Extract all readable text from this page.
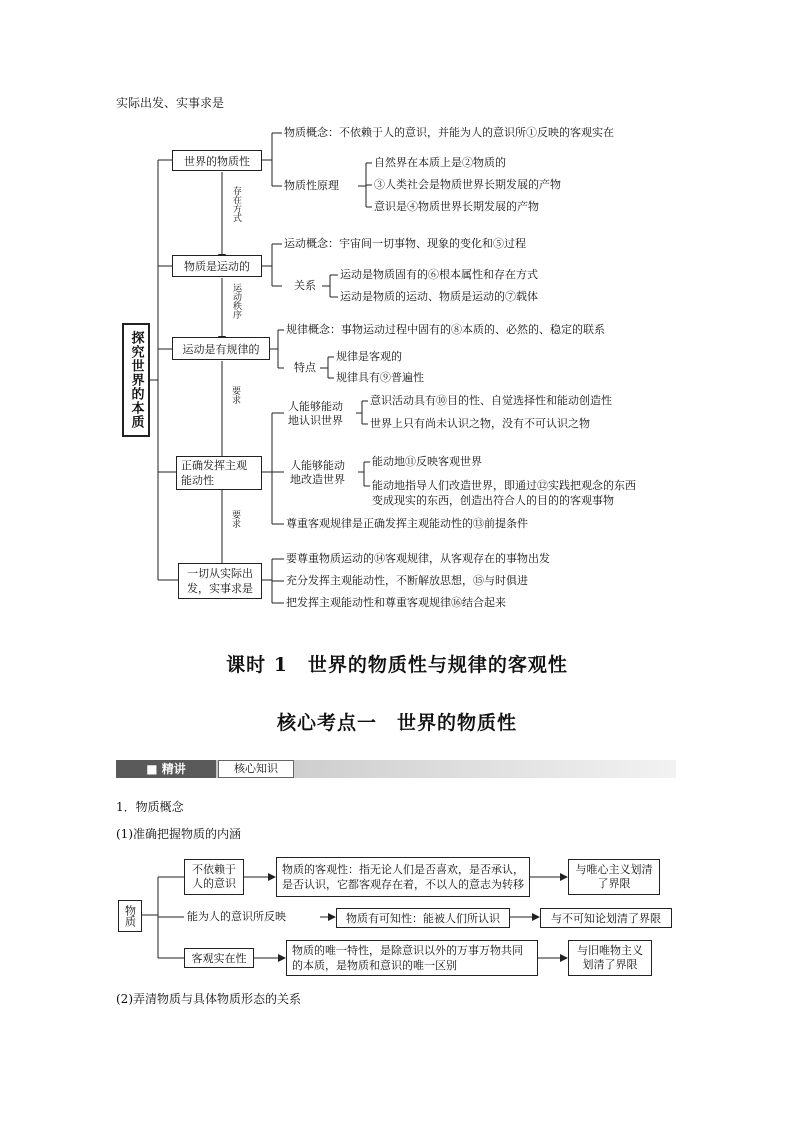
实际出发、实事求是
探究世界的本质
世界的物质性
物质是运动的
运动是有规律的
正确发挥主观
能动性
一切从实际出
发，实事求是
存在方式
运动秩序
要求
要求
物质概念：不依赖于人的意识，并能为人的意识所①反映的客观实在
物质性原理
自然界在本质上是②物质的
③人类社会是物质世界长期发展的产物
意识是④物质世界长期发展的产物
运动概念：宇宙间一切事物、现象的变化和⑤过程
关系
运动是物质固有的⑥根本属性和存在方式
运动是物质的运动、物质是运动的⑦载体
规律概念：事物运动过程中固有的⑧本质的、必然的、稳定的联系
特点
规律是客观的
规律具有⑨普遍性
人能够能动
地认识世界
意识活动具有⑩目的性、自觉选择性和能动创造性
世界上只有尚未认识之物，没有不可认识之物
人能够能动
地改造世界
能动地⑪反映客观世界
能动地指导人们改造世界，即通过⑫实践把观念的东西
变成现实的东西，创造出符合人的目的的客观事物
尊重客观规律是正确发挥主观能动性的⑬前提条件
要尊重物质运动的⑭客观规律，从客观存在的事物出发
充分发挥主观能动性，不断解放思想，⑮与时俱进
把发挥主观能动性和尊重客观规律⑯结合起来
课时 1　世界的物质性与规律的客观性
核心考点一　世界的物质性
■ 精讲	核心知识
1．物质概念
(1)准确把握物质的内涵
物质
不依赖于人的意识
物质的客观性：指无论人们是否喜欢，是否承认，是否认识，它都客观存在着，不以人的意志为转移
与唯心主义划清了界限
能为人的意识所反映	物质有可知性：能被人们所认识	与不可知论划清了界限
客观实在性
物质的唯一特性，是除意识以外的万事万物共同的本质，是物质和意识的唯一区别
与旧唯物主义划清了界限
(2)弄清物质与具体物质形态的关系
